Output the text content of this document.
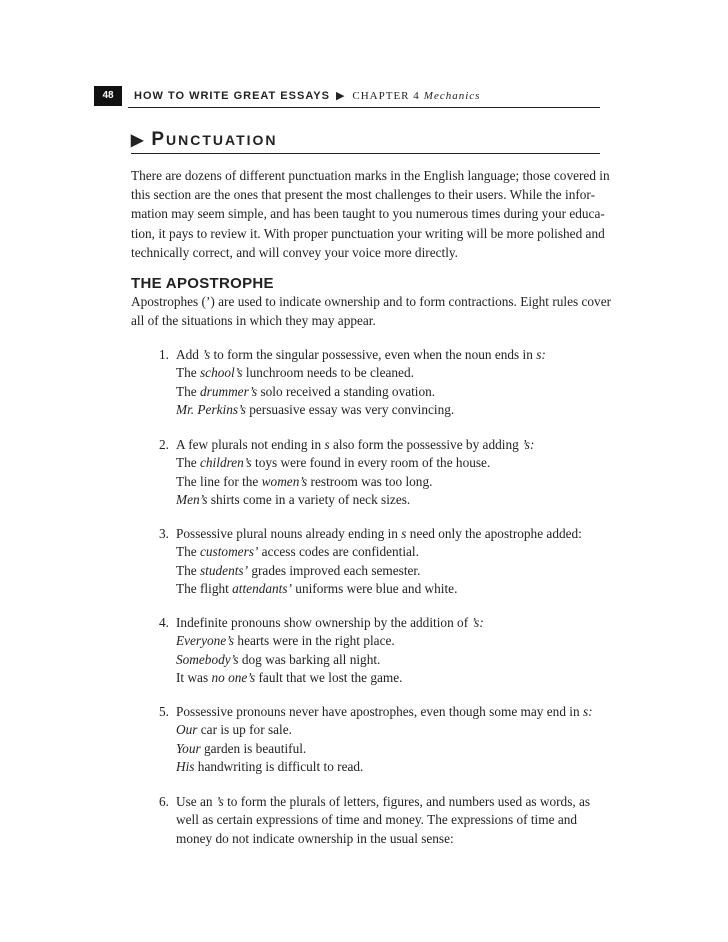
48	HOW TO WRITE GREAT ESSAYS ▶ CHAPTER 4 Mechanics
▶ PUNCTUATION
There are dozens of different punctuation marks in the English language; those covered in
this section are the ones that present the most challenges to their users. While the infor-
mation may seem simple, and has been taught to you numerous times during your educa-
tion, it pays to review it. With proper punctuation your writing will be more polished and
technically correct, and will convey your voice more directly.
THE APOSTROPHE
Apostrophes (’) are used to indicate ownership and to form contractions. Eight rules cover
all of the situations in which they may appear.
1. Add ’s to form the singular possessive, even when the noun ends in s:
The school’s lunchroom needs to be cleaned.
The drummer’s solo received a standing ovation.
Mr. Perkins’s persuasive essay was very convincing.
2. A few plurals not ending in s also form the possessive by adding ’s:
The children’s toys were found in every room of the house.
The line for the women’s restroom was too long.
Men’s shirts come in a variety of neck sizes.
3. Possessive plural nouns already ending in s need only the apostrophe added:
The customers’ access codes are confidential.
The students’ grades improved each semester.
The flight attendants’ uniforms were blue and white.
4. Indefinite pronouns show ownership by the addition of ’s:
Everyone’s hearts were in the right place.
Somebody’s dog was barking all night.
It was no one’s fault that we lost the game.
5. Possessive pronouns never have apostrophes, even though some may end in s:
Our car is up for sale.
Your garden is beautiful.
His handwriting is difficult to read.
6. Use an ’s to form the plurals of letters, figures, and numbers used as words, as
well as certain expressions of time and money. The expressions of time and
money do not indicate ownership in the usual sense:
